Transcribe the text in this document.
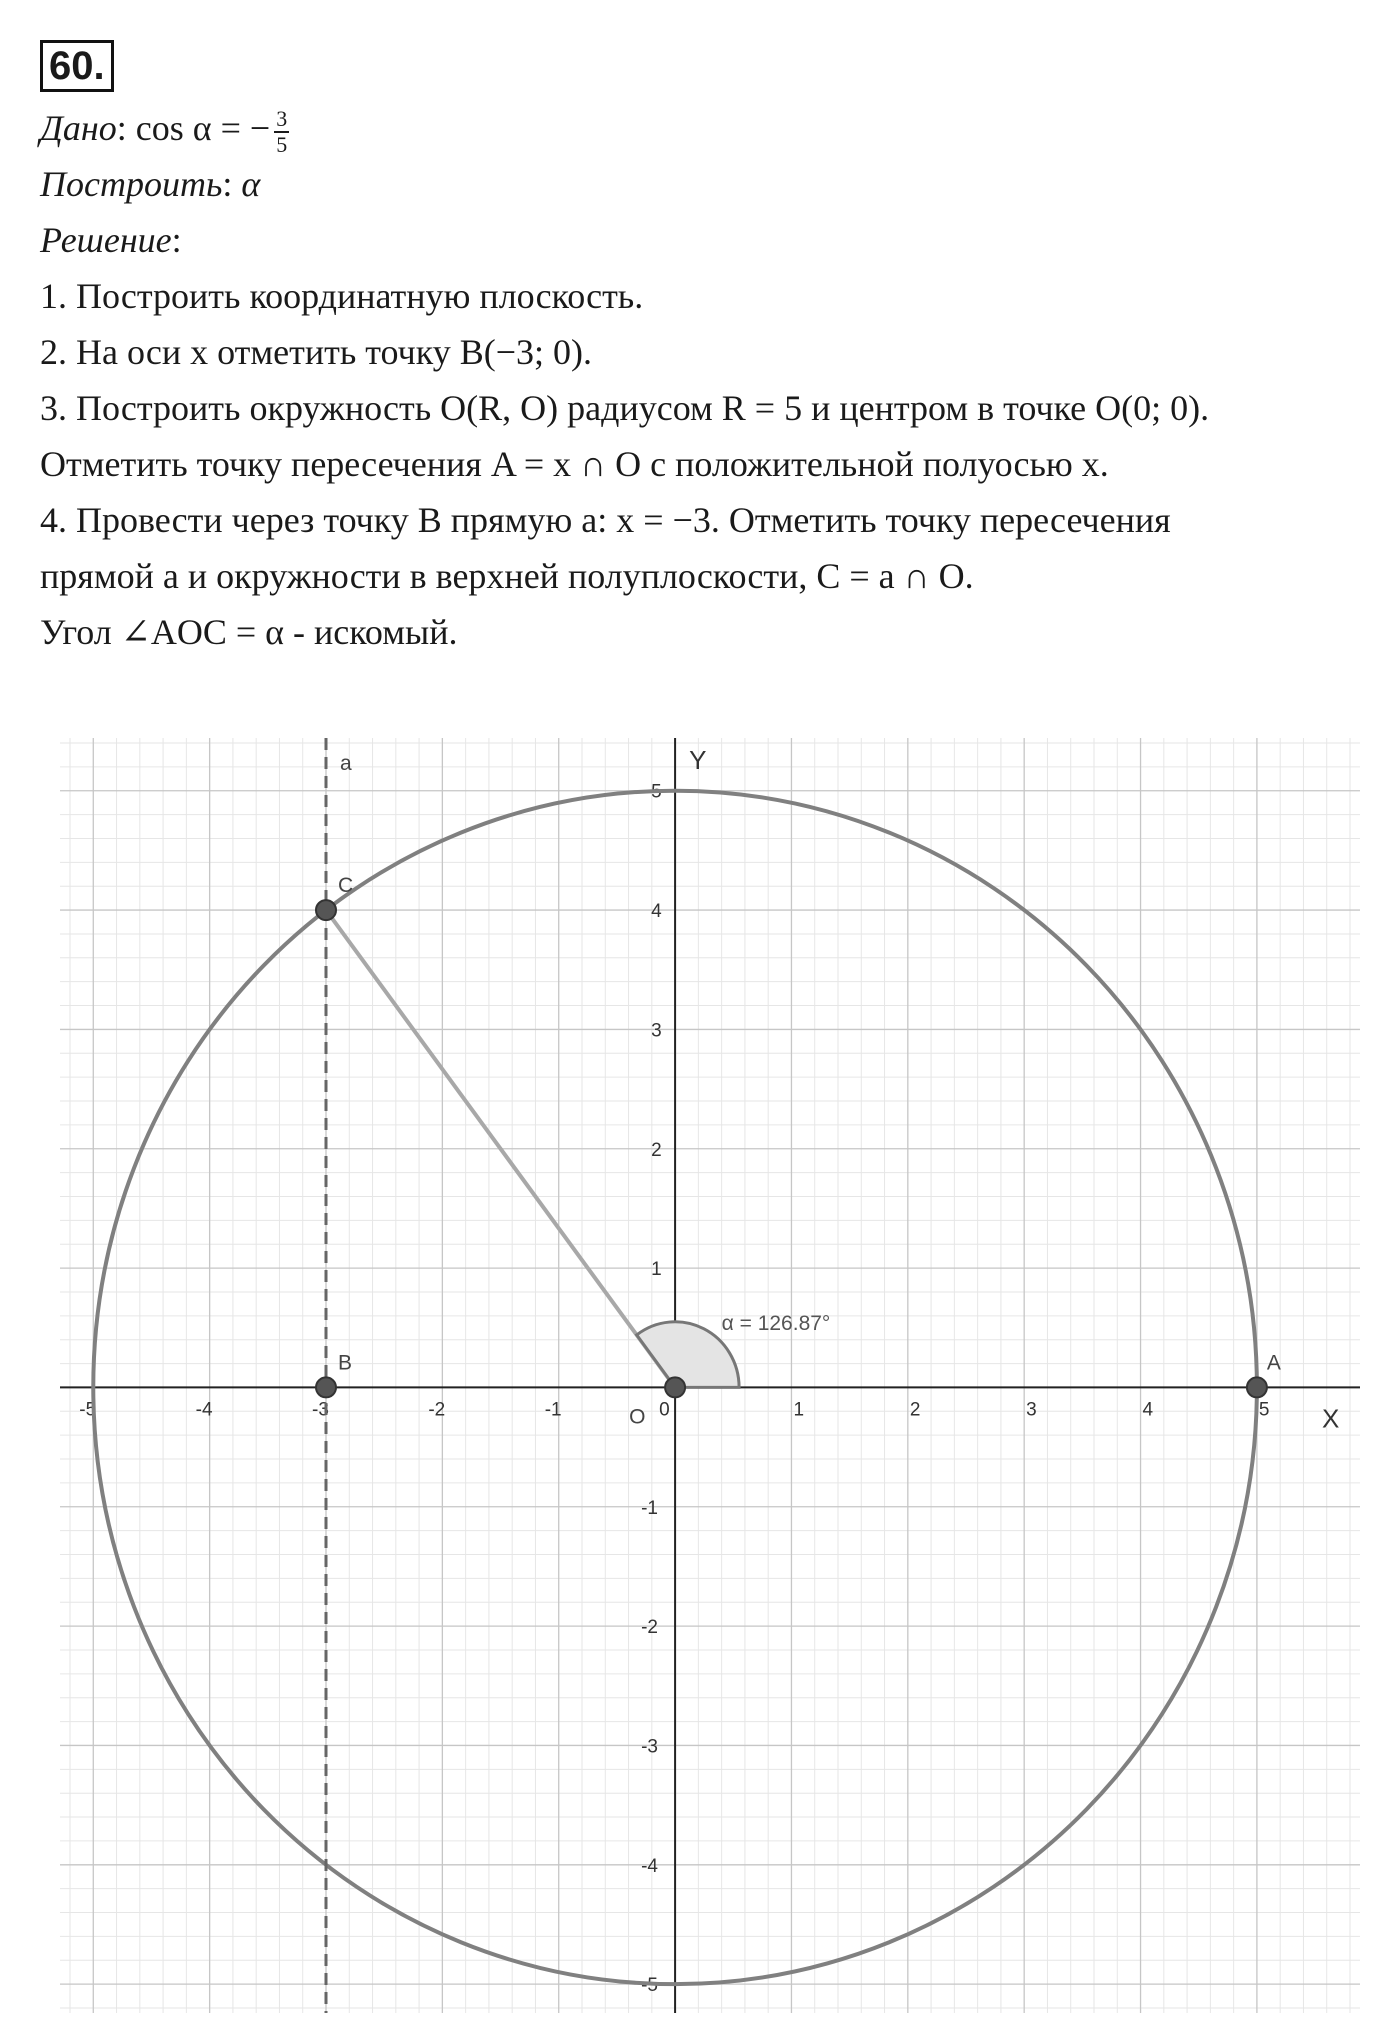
60.
Дано: cos α = − $\frac{3}{5}$
Построить: α
Решение:
1. Построить координатную плоскость.
2. На оси x отметить точку B(−3; 0).
3. Построить окружность O(R, O) радиусом R = 5 и центром в точке O(0; 0).
Отметить точку пересечения A = x ∩ O с положительной полуосью x.
4. Провести через точку B прямую a: x = −3. Отметить точку пересечения
прямой a и окружности в верхней полуплоскости, C = a ∩ O.
Угол ∠AOC = α - искомый.
X
Y
-5	-4	-3	-2	-1	0	1	2	3	4	5
5
4
3
2
1
-1
-2
-3
-4
-5
a
α = 126.87°
C
B	A
O
